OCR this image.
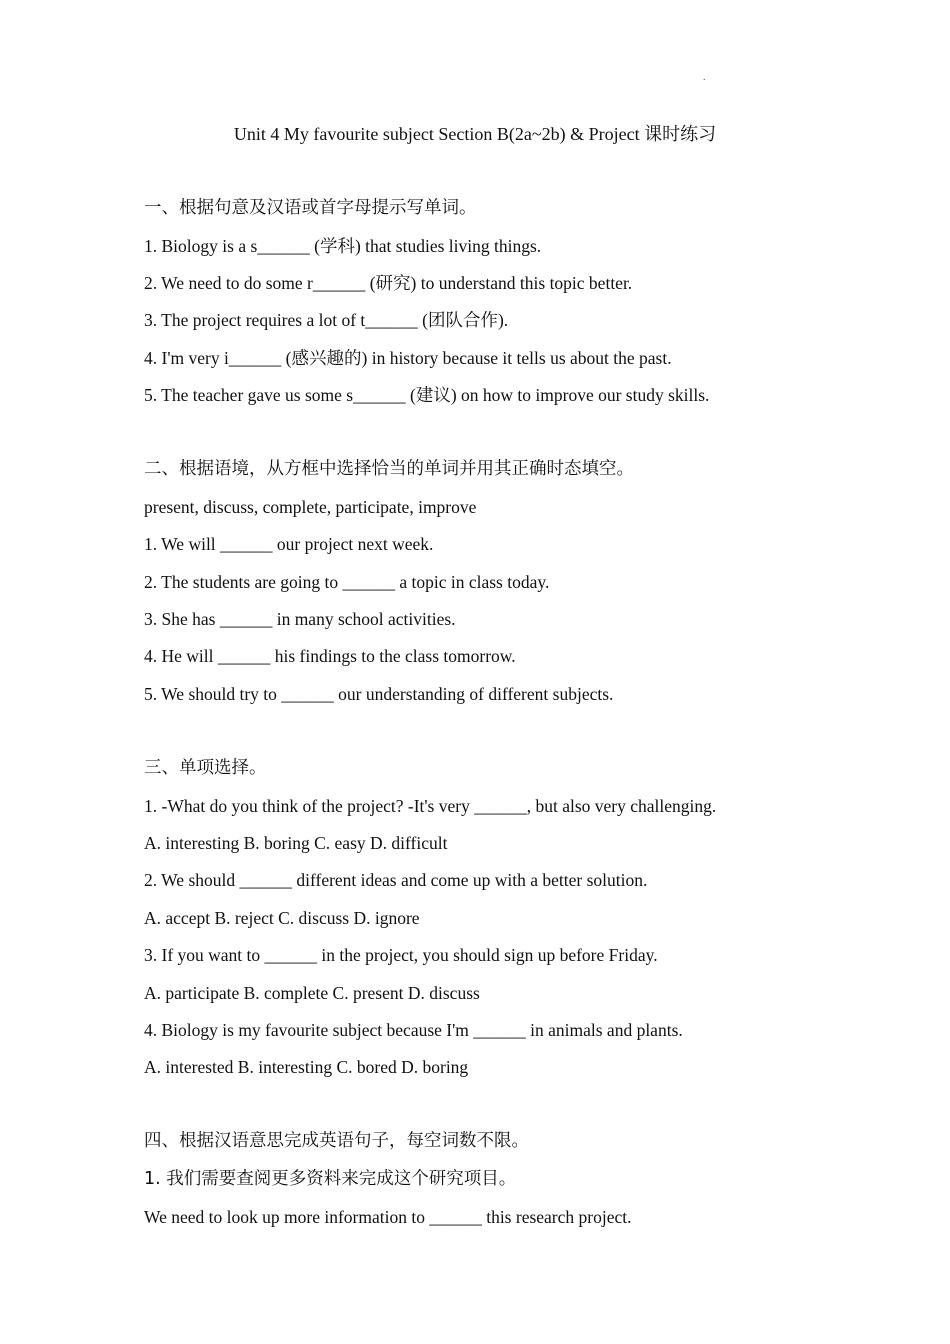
.
Unit 4 My favourite subject Section B(2a~2b) & Project 课时练习
一、根据句意及汉语或首字母提示写单词。
1. Biology is a s______ (学科) that studies living things.
2. We need to do some r______ (研究) to understand this topic better.
3. The project requires a lot of t______ (团队合作).
4. I'm very i______ (感兴趣的) in history because it tells us about the past.
5. The teacher gave us some s______ (建议) on how to improve our study skills.
二、根据语境，从方框中选择恰当的单词并用其正确时态填空。
present, discuss, complete, participate, improve
1. We will ______ our project next week.
2. The students are going to ______ a topic in class today.
3. She has ______ in many school activities.
4. He will ______ his findings to the class tomorrow.
5. We should try to ______ our understanding of different subjects.
三、单项选择。
1. -What do you think of the project? -It's very ______, but also very challenging.
A. interesting B. boring C. easy D. difficult
2. We should ______ different ideas and come up with a better solution.
A. accept B. reject C. discuss D. ignore
3. If you want to ______ in the project, you should sign up before Friday.
A. participate B. complete C. present D. discuss
4. Biology is my favourite subject because I'm ______ in animals and plants.
A. interested B. interesting C. bored D. boring
四、根据汉语意思完成英语句子，每空词数不限。
1. 我们需要查阅更多资料来完成这个研究项目。
We need to look up more information to ______ this research project.
